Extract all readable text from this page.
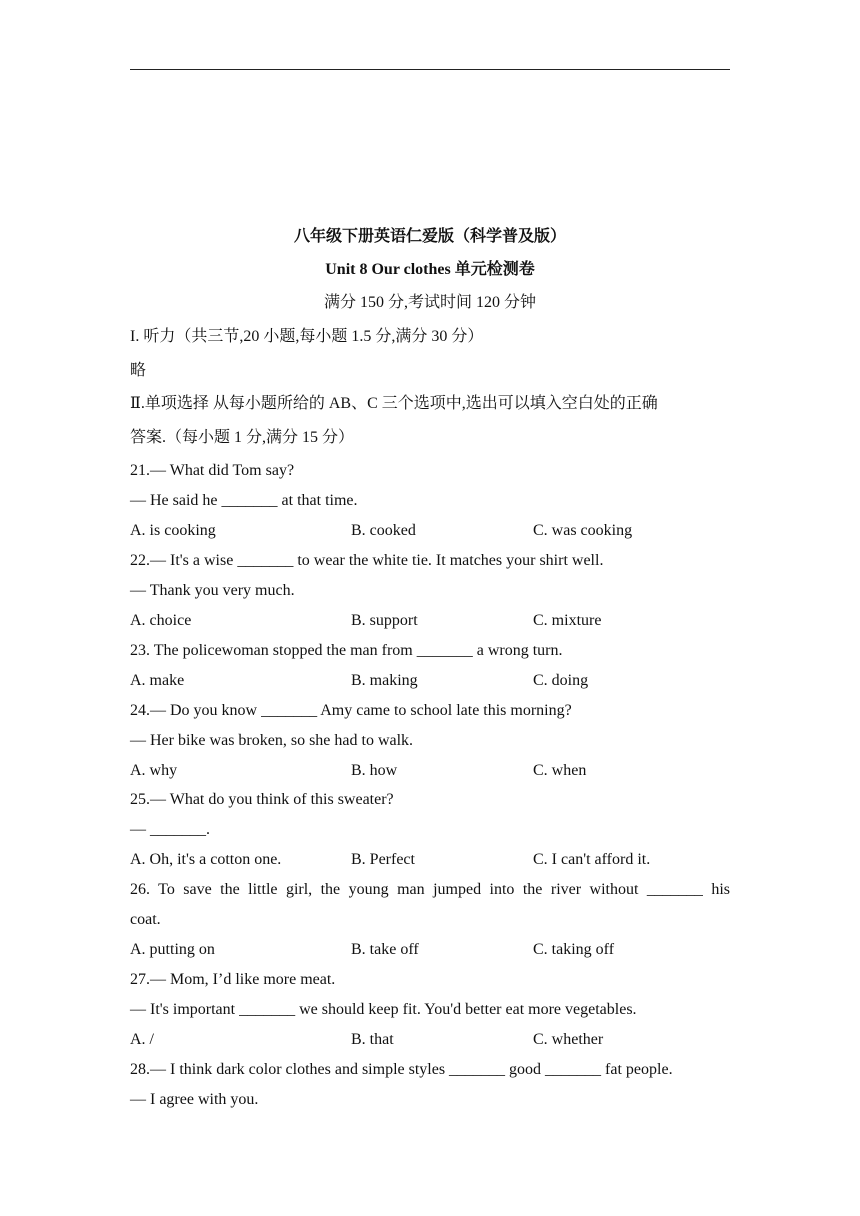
八年级下册英语仁爱版（科学普及版）
Unit 8 Our clothes 单元检测卷
满分 150 分,考试时间 120 分钟
I. 听力（共三节,20 小题,每小题 1.5 分,满分 30 分）
略
Ⅱ.单项选择 从每小题所给的 AB、C 三个选项中,选出可以填入空白处的正确
答案.（每小题 1 分,满分 15 分）
21.— What did Tom say?
— He said he _______ at that time.
A. is cooking	B. cooked	C. was cooking
22.— It's a wise _______ to wear the white tie. It matches your shirt well.
— Thank you very much.
A. choice	B. support	C. mixture
23. The policewoman stopped the man from _______ a wrong turn.
A. make	B. making	C. doing
24.— Do you know _______ Amy came to school late this morning?
— Her bike was broken, so she had to walk.
A. why	B. how	C. when
25.— What do you think of this sweater?
— _______.
A. Oh, it's a cotton one.	B. Perfect	C. I can't afford it.
26. To save the little girl, the young man jumped into the river without _______ his
coat.
A. putting on	B. take off	C. taking off
27.— Mom, I’d like more meat.
— It's important _______ we should keep fit. You'd better eat more vegetables.
A. /	B. that	C. whether
28.— I think dark color clothes and simple styles _______ good _______ fat people.
— I agree with you.
